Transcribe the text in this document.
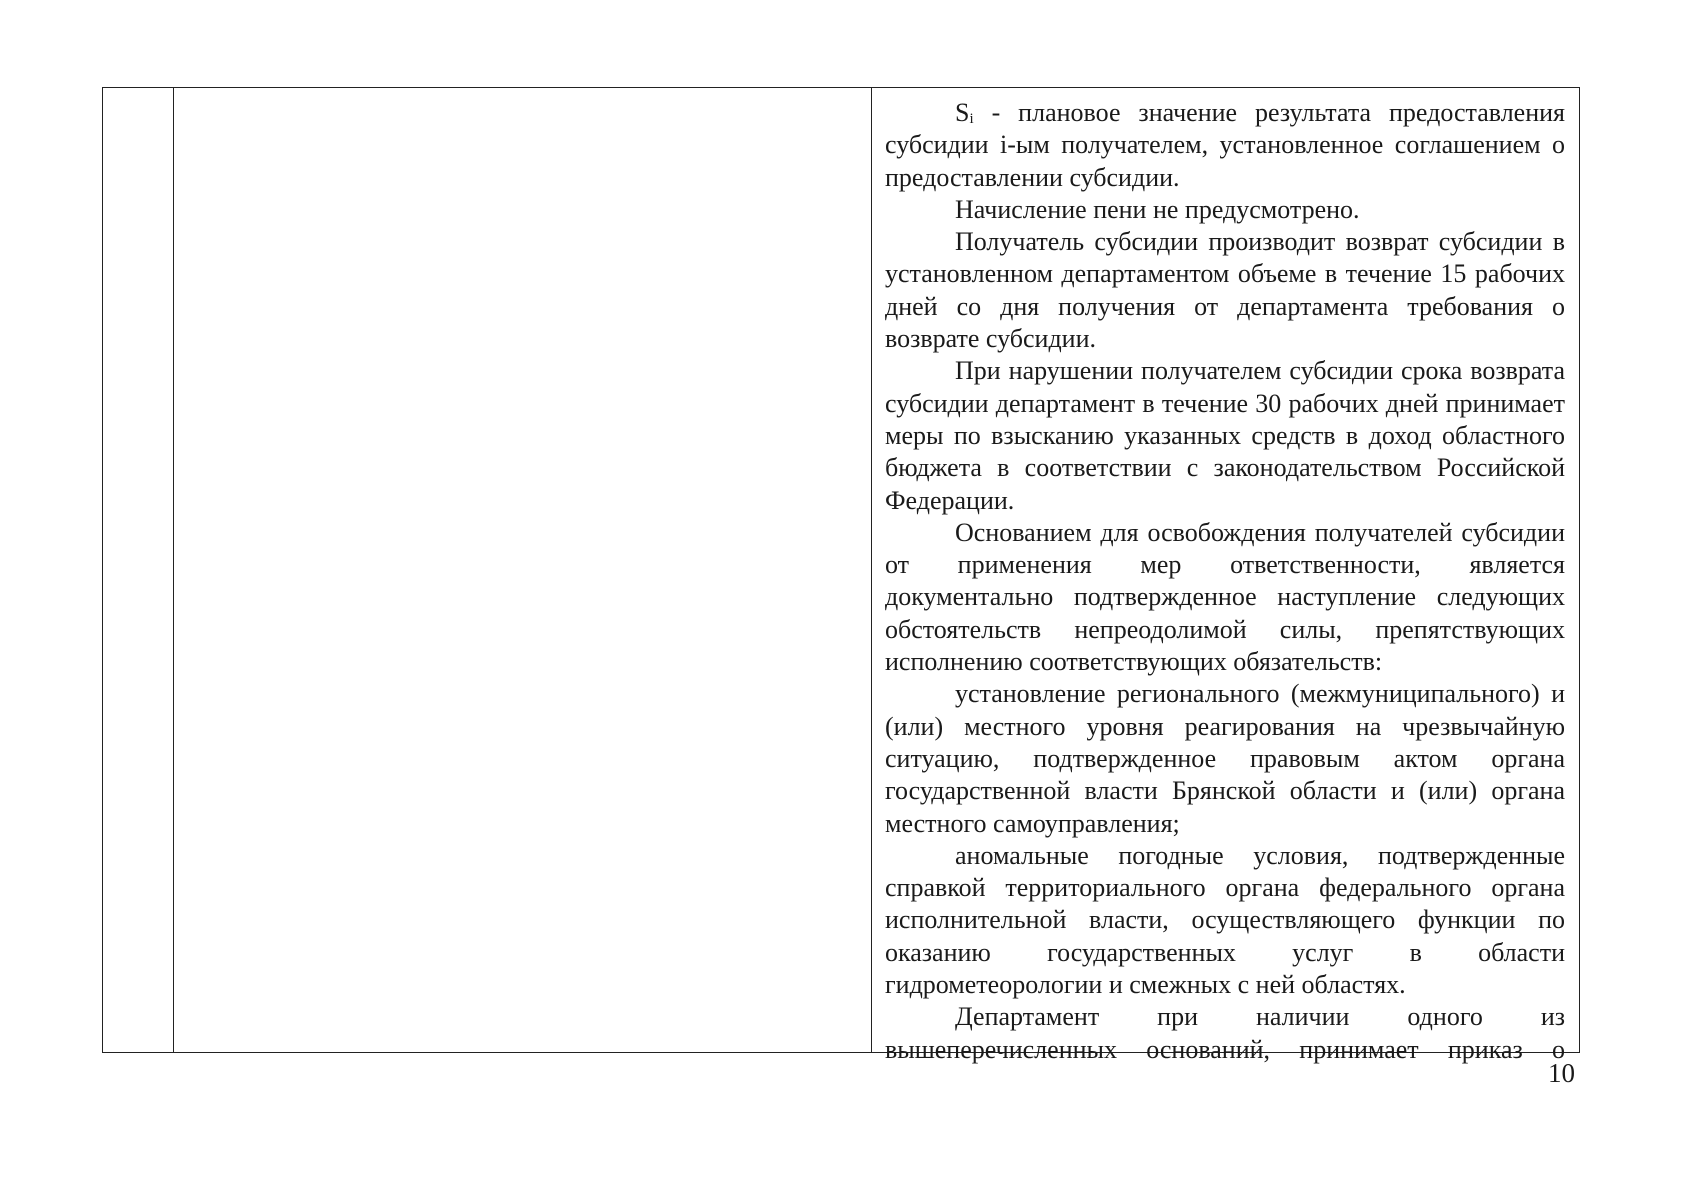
$S_i$ - плановое значение результата предоставления субсидии i-ым получателем, установленное соглашением о предоставлении субсидии.

Начисление пени не предусмотрено.

Получатель субсидии производит возврат субсидии в установленном департаментом объеме в течение 15 рабочих дней со дня получения от департамента требования о возврате субсидии.

При нарушении получателем субсидии срока возврата субсидии департамент в течение 30 рабочих дней принимает меры по взысканию указанных средств в доход областного бюджета в соответствии с законодательством Российской Федерации.

Основанием для освобождения получателей субсидии от применения мер ответственности, является документально подтвержденное наступление следующих обстоятельств непреодолимой силы, препятствующих исполнению соответствующих обязательств:

установление регионального (межмуниципального) и (или) местного уровня реагирования на чрезвычайную ситуацию, подтвержденное правовым актом органа государственной власти Брянской области и (или) органа местного самоуправления;

аномальные погодные условия, подтвержденные справкой территориального органа федерального органа исполнительной власти, осуществляющего функции по оказанию государственных услуг в области гидрометеорологии и смежных с ней областях.

Департамент при наличии одного из вышеперечисленных оснований, принимает приказ о

10
